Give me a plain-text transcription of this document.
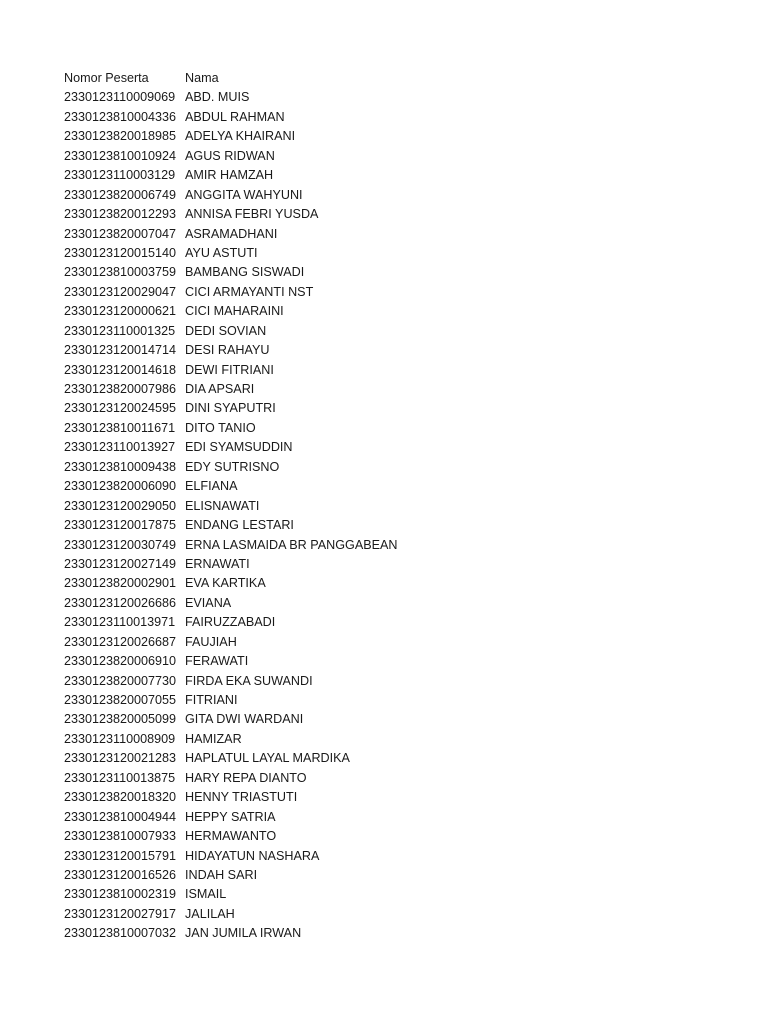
Nomor Peserta	Nama
2330123110009069 ABD. MUIS
2330123810004336 ABDUL RAHMAN
2330123820018985 ADELYA KHAIRANI
2330123810010924 AGUS RIDWAN
2330123110003129 AMIR HAMZAH
2330123820006749 ANGGITA WAHYUNI
2330123820012293 ANNISA FEBRI YUSDA
2330123820007047 ASRAMADHANI
2330123120015140 AYU ASTUTI
2330123810003759 BAMBANG SISWADI
2330123120029047 CICI ARMAYANTI NST
2330123120000621 CICI MAHARAINI
2330123110001325 DEDI SOVIAN
2330123120014714 DESI RAHAYU
2330123120014618 DEWI FITRIANI
2330123820007986 DIA APSARI
2330123120024595 DINI SYAPUTRI
2330123810011671 DITO TANIO
2330123110013927 EDI SYAMSUDDIN
2330123810009438 EDY SUTRISNO
2330123820006090 ELFIANA
2330123120029050 ELISNAWATI
2330123120017875 ENDANG LESTARI
2330123120030749 ERNA LASMAIDA BR PANGGABEAN
2330123120027149 ERNAWATI
2330123820002901 EVA KARTIKA
2330123120026686 EVIANA
2330123110013971 FAIRUZZABADI
2330123120026687 FAUJIAH
2330123820006910 FERAWATI
2330123820007730 FIRDA EKA SUWANDI
2330123820007055 FITRIANI
2330123820005099 GITA DWI WARDANI
2330123110008909 HAMIZAR
2330123120021283 HAPLATUL LAYAL MARDIKA
2330123110013875 HARY REPA DIANTO
2330123820018320 HENNY TRIASTUTI
2330123810004944 HEPPY SATRIA
2330123810007933 HERMAWANTO
2330123120015791 HIDAYATUN NASHARA
2330123120016526 INDAH SARI
2330123810002319 ISMAIL
2330123120027917 JALILAH
2330123810007032 JAN JUMILA IRWAN
